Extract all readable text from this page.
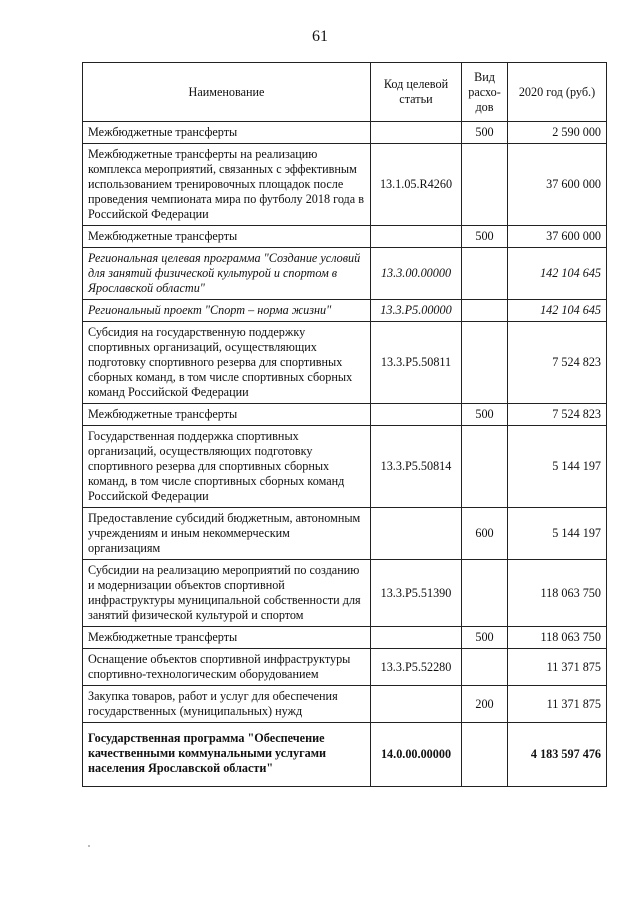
61
Наименование	Код целевой статьи	Вид расхо-дов	2020 год (руб.)
Межбюджетные трансферты		500	2 590 000
Межбюджетные трансферты на реализацию комплекса мероприятий, связанных с эффективным использованием тренировочных площадок после проведения чемпионата мира по футболу 2018 года в Российской Федерации	13.1.05.R4260		37 600 000
Межбюджетные трансферты		500	37 600 000
Региональная целевая программа "Создание условий для занятий физической культурой и спортом в Ярославской области"	13.3.00.00000		142 104 645
Региональный проект "Спорт – норма жизни"	13.3.P5.00000		142 104 645
Субсидия на государственную поддержку спортивных организаций, осуществляющих подготовку спортивного резерва для спортивных сборных команд, в том числе спортивных сборных команд Российской Федерации	13.3.P5.50811		7 524 823
Межбюджетные трансферты		500	7 524 823
Государственная поддержка спортивных организаций, осуществляющих подготовку спортивного резерва для спортивных сборных команд, в том числе спортивных сборных команд Российской Федерации	13.3.P5.50814		5 144 197
Предоставление субсидий бюджетным, автономным учреждениям и иным некоммерческим организациям		600	5 144 197
Субсидии на реализацию мероприятий по созданию и модернизации объектов спортивной инфраструктуры муниципальной собственности для занятий физической культурой и спортом	13.3.P5.51390		118 063 750
Межбюджетные трансферты		500	118 063 750
Оснащение объектов спортивной инфраструктуры спортивно-технологическим оборудованием	13.3.P5.52280		11 371 875
Закупка товаров, работ и услуг для обеспечения государственных (муниципальных) нужд		200	11 371 875
Государственная программа "Обеспечение качественными коммунальными услугами населения Ярославской области"	14.0.00.00000		4 183 597 476
